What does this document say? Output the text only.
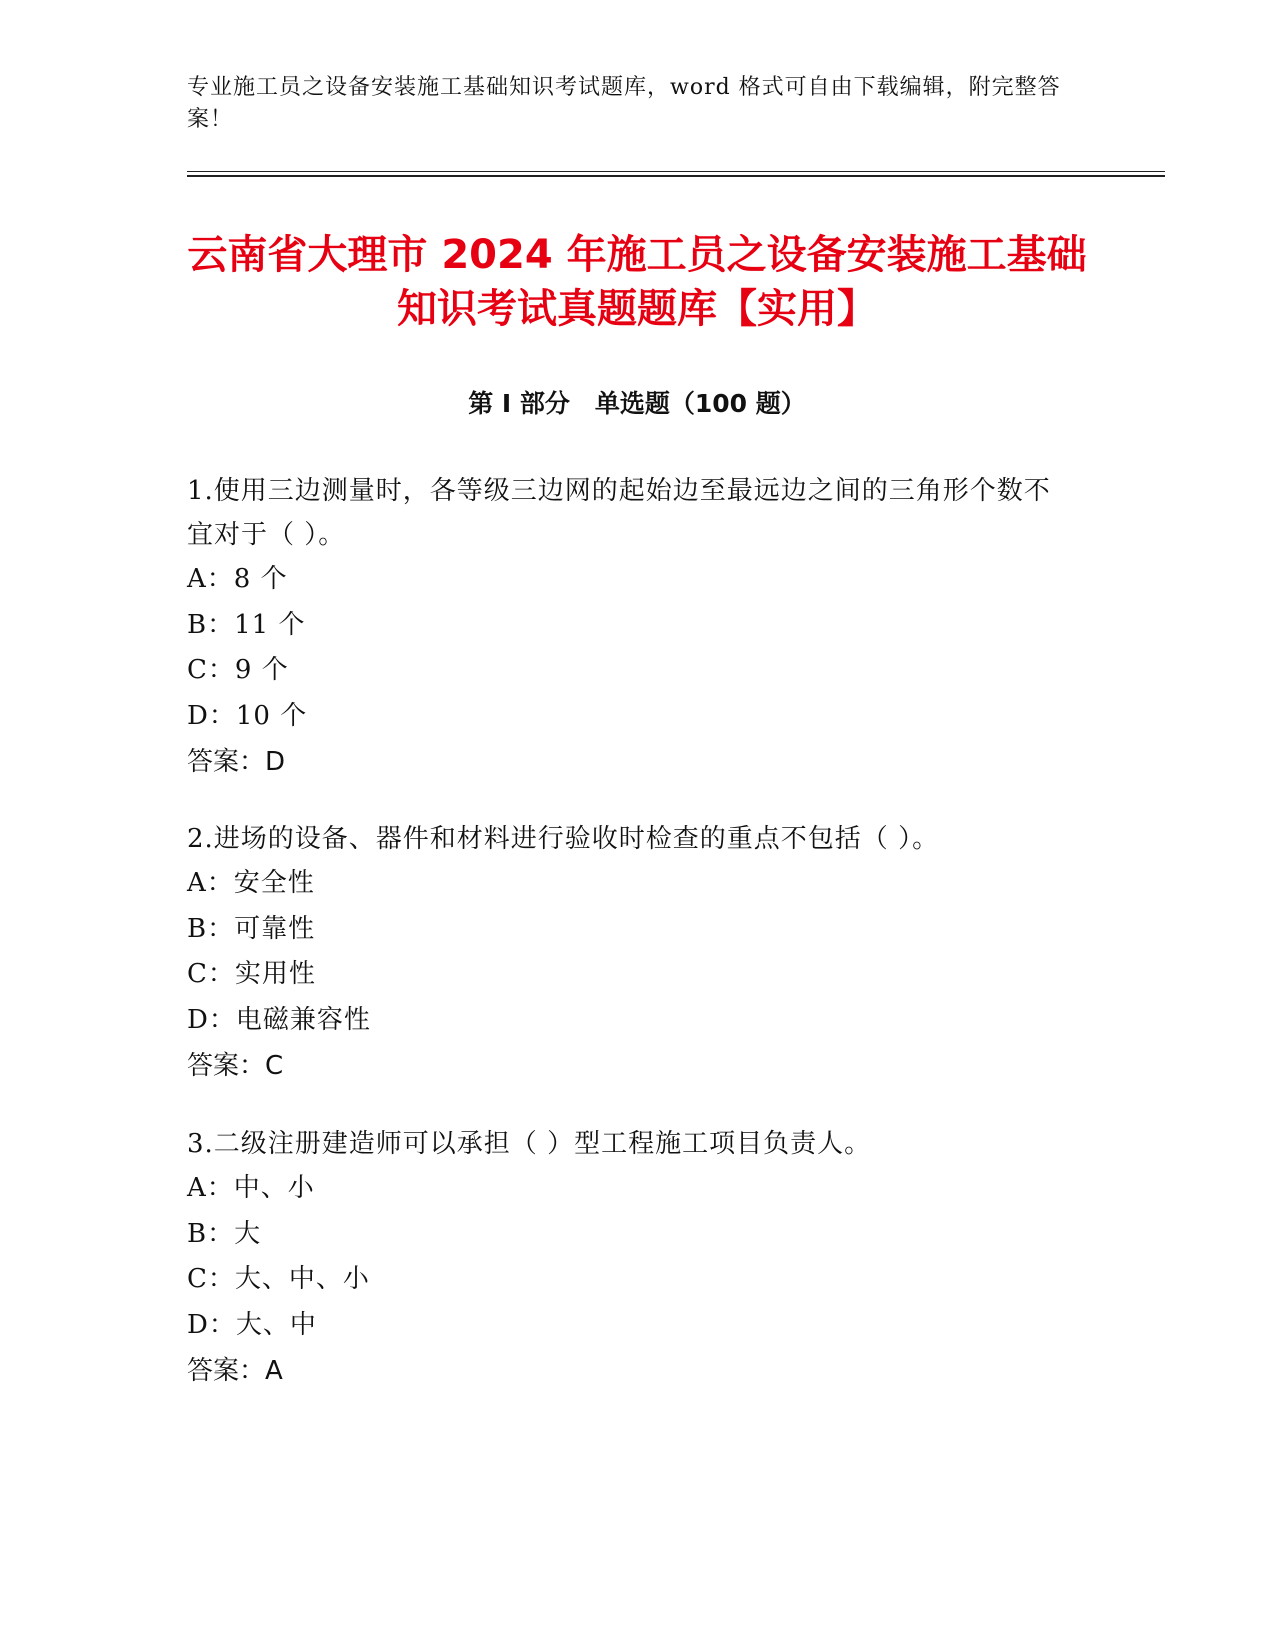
专业施工员之设备安装施工基础知识考试题库，word 格式可自由下载编辑，附完整答案！
云南省大理市 2024 年施工员之设备安装施工基础知识考试真题题库【实用】
第 I 部分　单选题（100 题）
1.使用三边测量时，各等级三边网的起始边至最远边之间的三角形个数不宜对于（ ）。
A：8 个
B：11 个
C：9 个
D：10 个
答案：D
2.进场的设备、器件和材料进行验收时检查的重点不包括（ ）。
A：安全性
B：可靠性
C：实用性
D：电磁兼容性
答案：C
3.二级注册建造师可以承担（ ）型工程施工项目负责人。
A：中、小
B：大
C：大、中、小
D：大、中
答案：A
